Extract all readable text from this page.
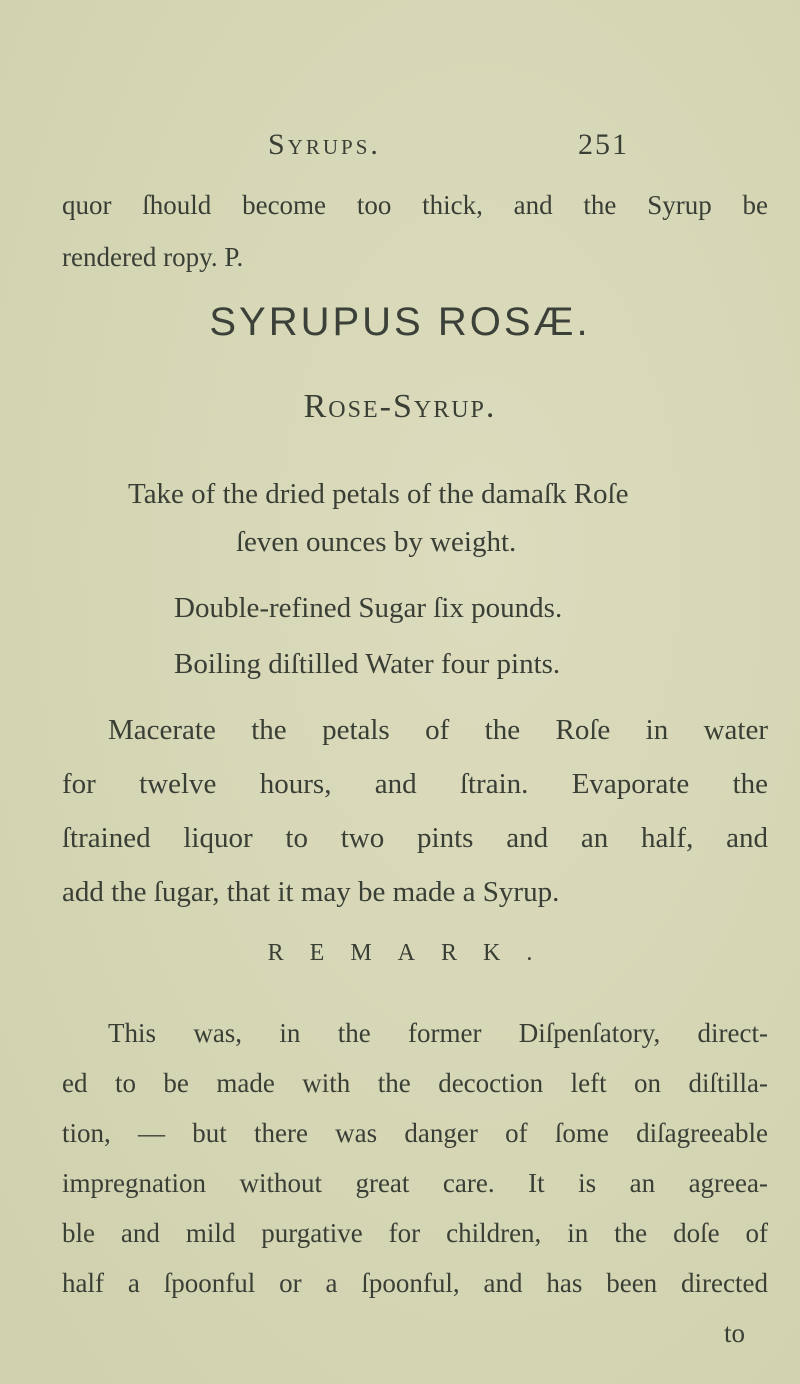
Syrups.	251
quor ſhould become too thick, and the Syrup be
rendered ropy. P.
SYRUPUS ROSÆ.
Rose-Syrup.
Take of the dried petals of the damaſk Roſe
ſeven ounces by weight.
Double-refined Sugar ſix pounds.
Boiling diſtilled Water four pints.
Macerate the petals of the Roſe in water
for twelve hours, and ſtrain. Evaporate the
ſtrained liquor to two pints and an half, and
add the ſugar, that it may be made a Syrup.
REMARK.
This was, in the former Diſpenſatory, direct-
ed to be made with the decoction left on diſtilla-
tion, — but there was danger of ſome diſagreeable
impregnation without great care. It is an agreea-
ble and mild purgative for children, in the doſe of
half a ſpoonful or a ſpoonful, and has been directed
to
